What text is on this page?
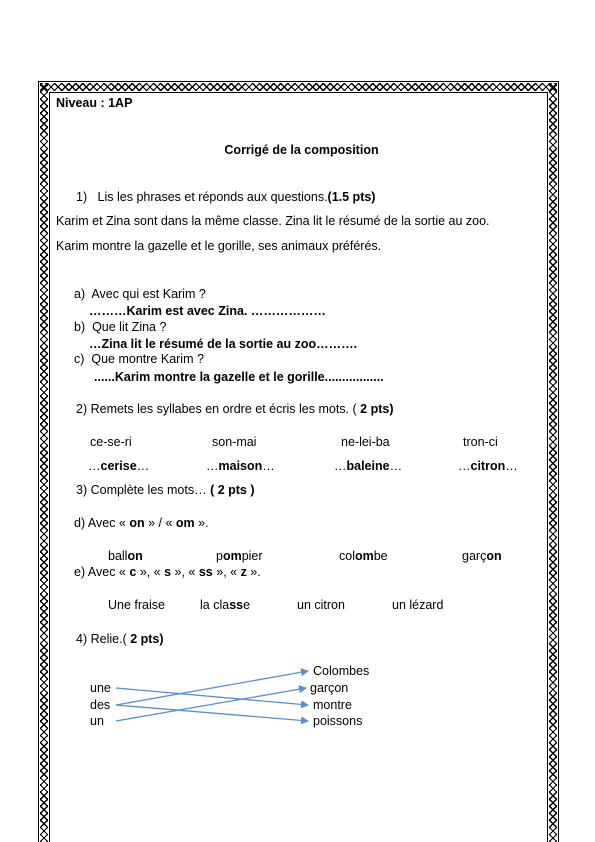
Niveau : 1AP
Corrigé de la composition
1) Lis les phrases et réponds aux questions.(1.5 pts)
Karim et Zina sont dans la même classe. Zina lit le résumé de la sortie au zoo.
Karim montre la gazelle et le gorille, ses animaux préférés.
a) Avec qui est Karim ?
………Karim est avec Zina. ………………
b) Que lit Zina ?
…Zina lit le résumé de la sortie au zoo……….
c) Que montre Karim ?
......Karim montre la gazelle et le gorille.................
2) Remets les syllabes en ordre et écris les mots. ( 2 pts)
ce-se-ri	son-mai	ne-lei-ba	tron-ci
…cerise…	…maison…	…baleine…	…citron…
3) Complète les mots… ( 2 pts )
d) Avec « on » / « om ».
ballon	pompier	colombe	garçon
e) Avec « c », « s », « ss », « z ».
Une fraise	la classe	un citron	un lézard
4) Relie.( 2 pts)
une
des
un
Colombes
garçon
montre
poissons
